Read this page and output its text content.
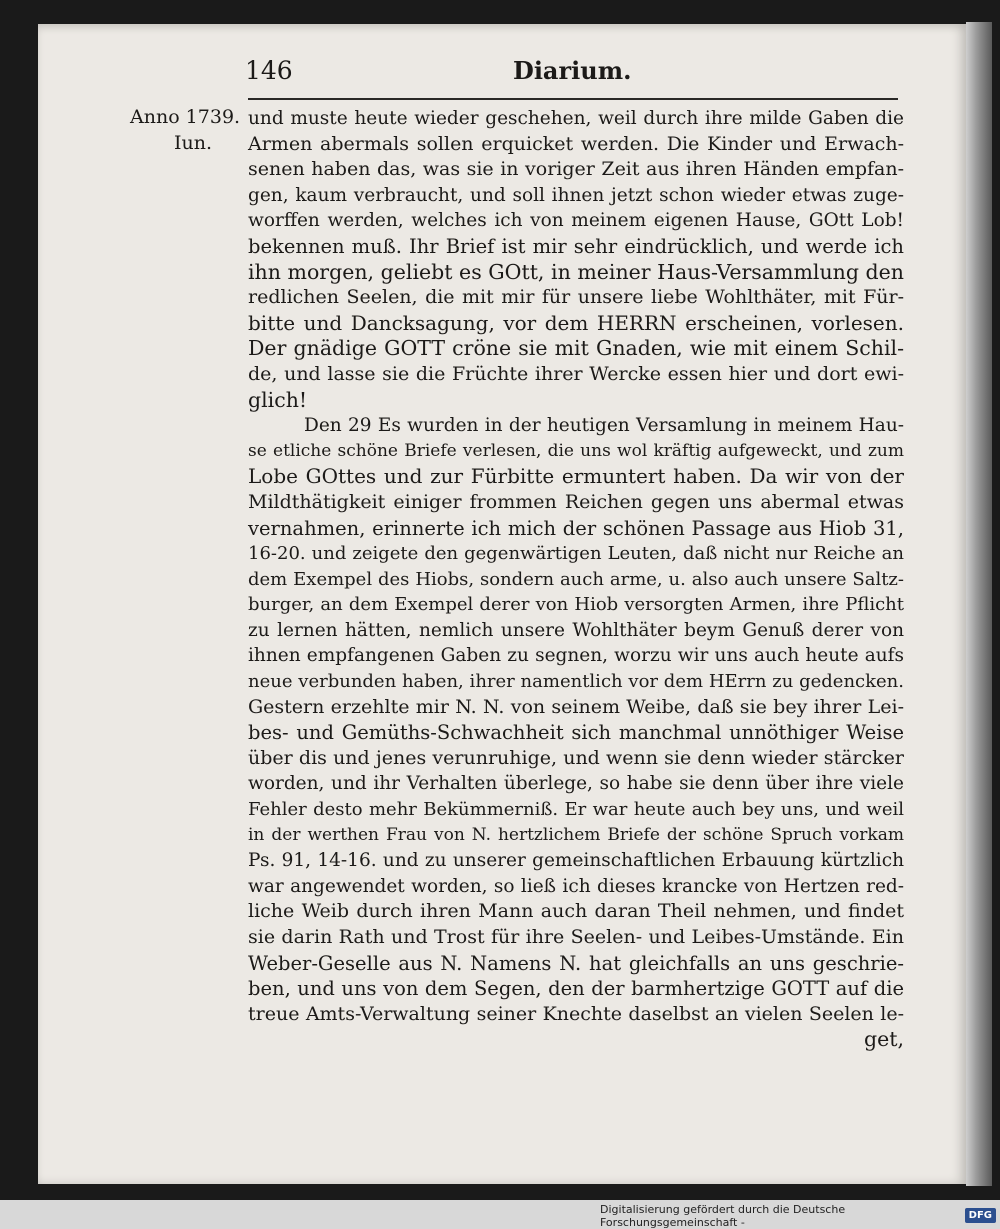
146	Diarium.
Anno 1739.
Iun.
und muste heute wieder geschehen, weil durch ihre milde Gaben die
Armen abermals sollen erquicket werden. Die Kinder und Erwach-
senen haben das, was sie in voriger Zeit aus ihren Händen empfan-
gen, kaum verbraucht, und soll ihnen jetzt schon wieder etwas zuge-
worffen werden, welches ich von meinem eigenen Hause, GOtt Lob!
bekennen muß. Ihr Brief ist mir sehr eindrücklich, und werde ich
ihn morgen, geliebt es GOtt, in meiner Haus-Versammlung den
redlichen Seelen, die mit mir für unsere liebe Wohlthäter, mit Für-
bitte und Dancksagung, vor dem HERRN erscheinen, vorlesen.
Der gnädige GOTT cröne sie mit Gnaden, wie mit einem Schil-
de, und lasse sie die Früchte ihrer Wercke essen hier und dort ewi-
glich!
Den 29 Es wurden in der heutigen Versamlung in meinem Hau-
se etliche schöne Briefe verlesen, die uns wol kräftig aufgeweckt, und zum
Lobe GOttes und zur Fürbitte ermuntert haben. Da wir von der
Mildthätigkeit einiger frommen Reichen gegen uns abermal etwas
vernahmen, erinnerte ich mich der schönen Passage aus Hiob 31,
16-20. und zeigete den gegenwärtigen Leuten, daß nicht nur Reiche an
dem Exempel des Hiobs, sondern auch arme, u. also auch unsere Saltz-
burger, an dem Exempel derer von Hiob versorgten Armen, ihre Pflicht
zu lernen hätten, nemlich unsere Wohlthäter beym Genuß derer von
ihnen empfangenen Gaben zu segnen, worzu wir uns auch heute aufs
neue verbunden haben, ihrer namentlich vor dem HErrn zu gedencken.
Gestern erzehlte mir N. N. von seinem Weibe, daß sie bey ihrer Lei-
bes- und Gemüths-Schwachheit sich manchmal unnöthiger Weise
über dis und jenes verunruhige, und wenn sie denn wieder stärcker
worden, und ihr Verhalten überlege, so habe sie denn über ihre viele
Fehler desto mehr Bekümmerniß. Er war heute auch bey uns, und weil
in der werthen Frau von N. hertzlichem Briefe der schöne Spruch vorkam
Ps. 91, 14-16. und zu unserer gemeinschaftlichen Erbauung kürtzlich
war angewendet worden, so ließ ich dieses krancke von Hertzen red-
liche Weib durch ihren Mann auch daran Theil nehmen, und findet
sie darin Rath und Trost für ihre Seelen- und Leibes-Umstände. Ein
Weber-Geselle aus N. Namens N. hat gleichfalls an uns geschrie-
ben, und uns von dem Segen, den der barmhertzige GOTT auf die
treue Amts-Verwaltung seiner Knechte daselbst an vielen Seelen le-
get,
Digitalisierung gefördert durch die Deutsche Forschungsgemeinschaft -	DFG
